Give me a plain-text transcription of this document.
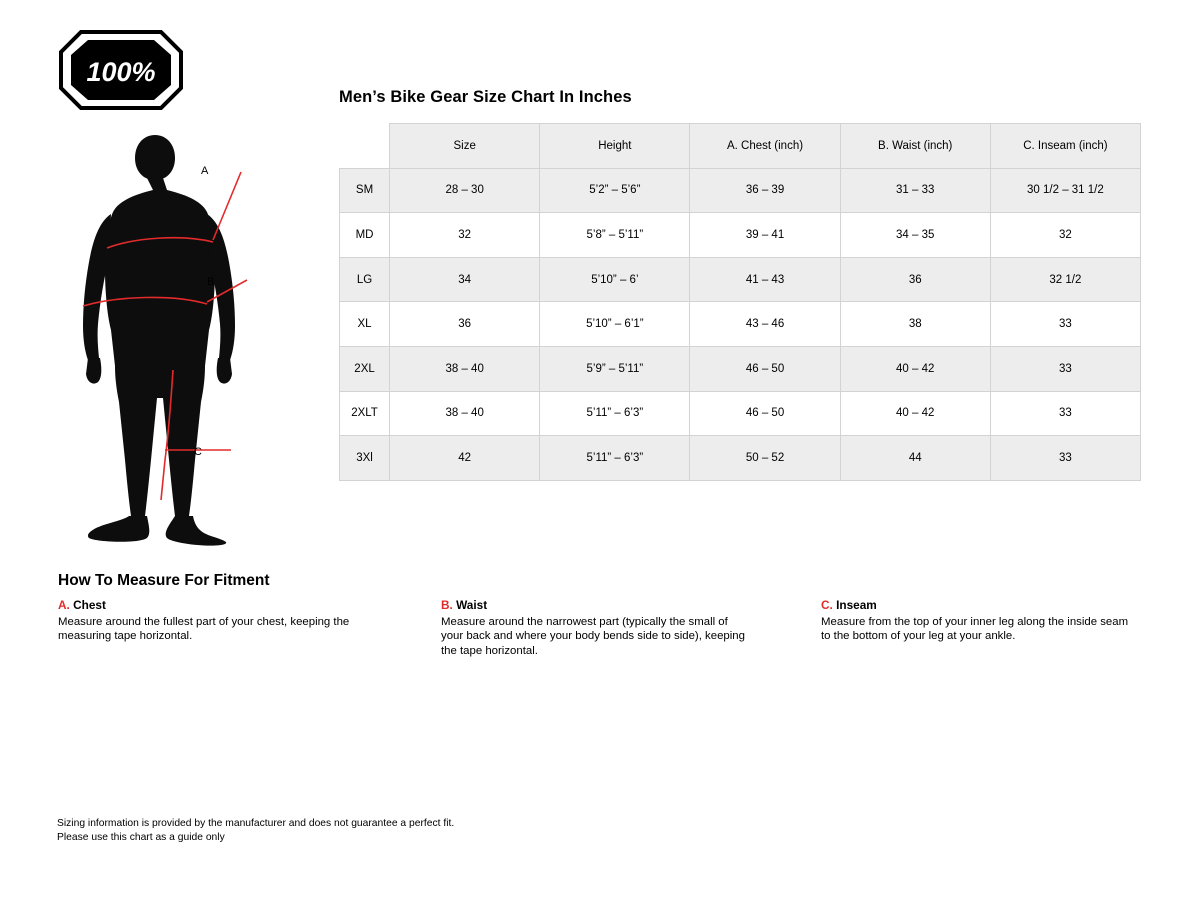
100%
A
B
C
Men’s Bike Gear Size Chart In Inches
	Size	Height	A. Chest (inch)	B. Waist (inch)	C. Inseam (inch)
SM	28 – 30	5’2” – 5’6”	36 – 39	31 – 33	30 1/2 – 31 1/2
MD	32	5’8” – 5’11”	39 – 41	34 – 35	32
LG	34	5’10” – 6’	41 – 43	36	32 1/2
XL	36	5’10” – 6’1”	43 – 46	38	33
2XL	38 – 40	5’9” – 5’11”	46 – 50	40 – 42	33
2XLT	38 – 40	5’11” – 6’3”	46 – 50	40 – 42	33
3Xl	42	5’11” – 6’3”	50 – 52	44	33
How To Measure For Fitment
A. Chest
Measure around the fullest part of your chest, keeping the measuring tape horizontal.
B. Waist
Measure around the narrowest part (typically the small of your back and where your body bends side to side), keeping the tape horizontal.
C. Inseam
Measure from the top of your inner leg along the inside seam to the bottom of your leg at your ankle.
Sizing information is provided by the manufacturer and does not guarantee a perfect fit.
Please use this chart as a guide only
